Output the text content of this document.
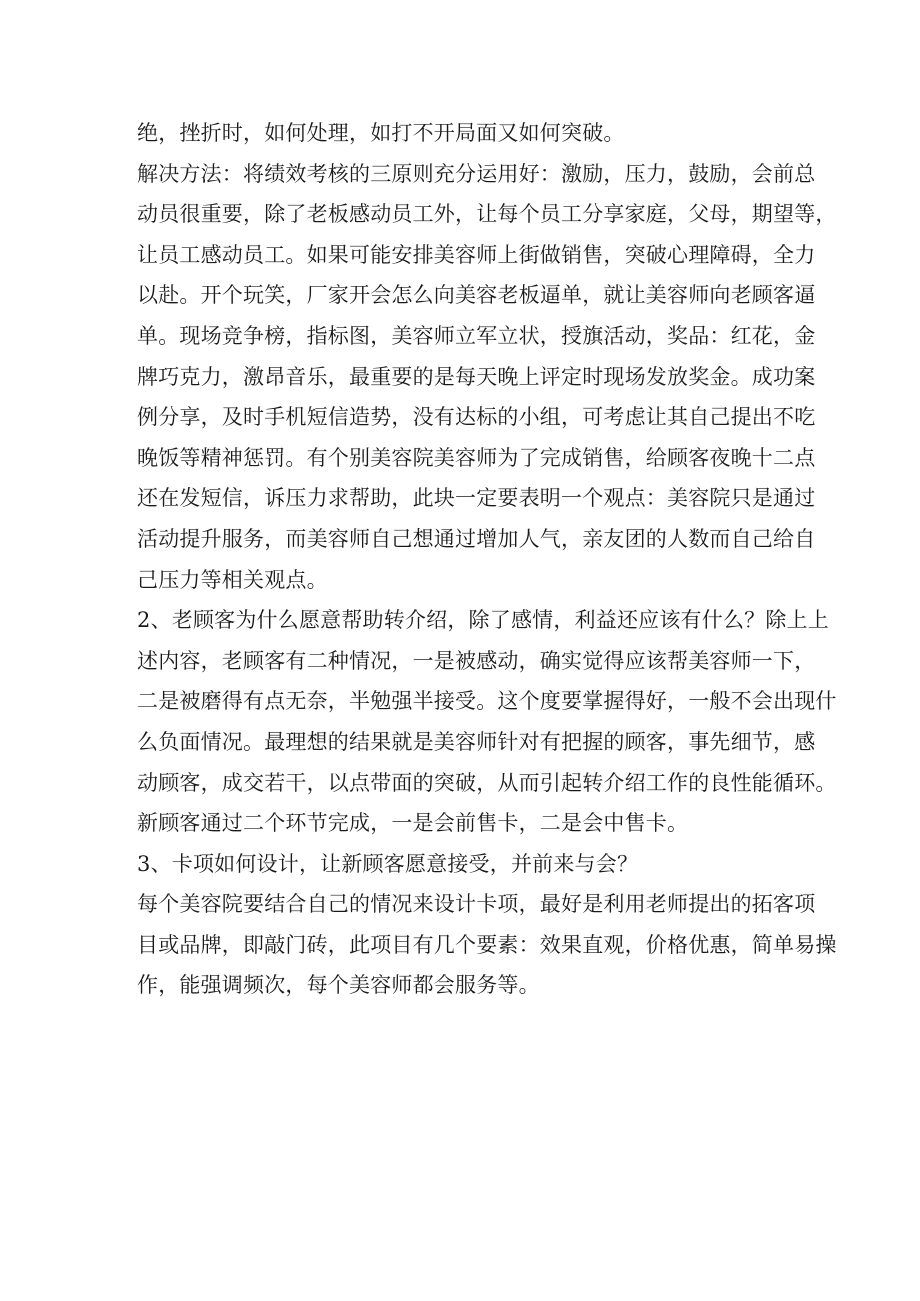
绝，挫折时，如何处理，如打不开局面又如何突破。
解决方法：将绩效考核的三原则充分运用好：激励，压力，鼓励，会前总
动员很重要，除了老板感动员工外，让每个员工分享家庭，父母，期望等，
让员工感动员工。如果可能安排美容师上街做销售，突破心理障碍，全力
以赴。开个玩笑，厂家开会怎么向美容老板逼单，就让美容师向老顾客逼
单。现场竞争榜，指标图，美容师立军立状，授旗活动，奖品：红花，金
牌巧克力，激昂音乐，最重要的是每天晚上评定时现场发放奖金。成功案
例分享，及时手机短信造势，没有达标的小组，可考虑让其自己提出不吃
晚饭等精神惩罚。有个别美容院美容师为了完成销售，给顾客夜晚十二点
还在发短信，诉压力求帮助，此块一定要表明一个观点：美容院只是通过
活动提升服务，而美容师自己想通过增加人气，亲友团的人数而自己给自
己压力等相关观点。
2、老顾客为什么愿意帮助转介绍，除了感情，利益还应该有什么？除上上
述内容，老顾客有二种情况，一是被感动，确实觉得应该帮美容师一下，
二是被磨得有点无奈，半勉强半接受。这个度要掌握得好，一般不会出现什
么负面情况。最理想的结果就是美容师针对有把握的顾客，事先细节，感
动顾客，成交若干，以点带面的突破，从而引起转介绍工作的良性能循环。
新顾客通过二个环节完成，一是会前售卡，二是会中售卡。
3、卡项如何设计，让新顾客愿意接受，并前来与会？
每个美容院要结合自己的情况来设计卡项，最好是利用老师提出的拓客项
目或品牌，即敲门砖，此项目有几个要素：效果直观，价格优惠，简单易操
作，能强调频次，每个美容师都会服务等。
